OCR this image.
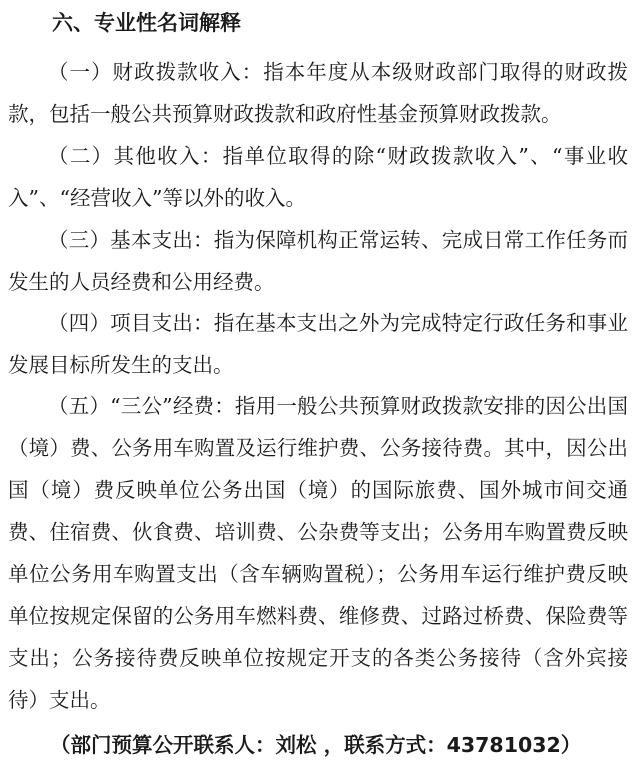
六、专业性名词解释

（一）财政拨款收入：指本年度从本级财政部门取得的财政拨款，包括一般公共预算财政拨款和政府性基金预算财政拨款。

（二）其他收入：指单位取得的除“财政拨款收入”、“事业收入”、“经营收入”等以外的收入。

（三）基本支出：指为保障机构正常运转、完成日常工作任务而发生的人员经费和公用经费。

（四）项目支出：指在基本支出之外为完成特定行政任务和事业发展目标所发生的支出。

（五）“三公”经费：指用一般公共预算财政拨款安排的因公出国（境）费、公务用车购置及运行维护费、公务接待费。其中，因公出国（境）费反映单位公务出国（境）的国际旅费、国外城市间交通费、住宿费、伙食费、培训费、公杂费等支出；公务用车购置费反映单位公务用车购置支出（含车辆购置税）；公务用车运行维护费反映单位按规定保留的公务用车燃料费、维修费、过路过桥费、保险费等支出；公务接待费反映单位按规定开支的各类公务接待（含外宾接待）支出。

（部门预算公开联系人：刘松 ，联系方式：43781032）
